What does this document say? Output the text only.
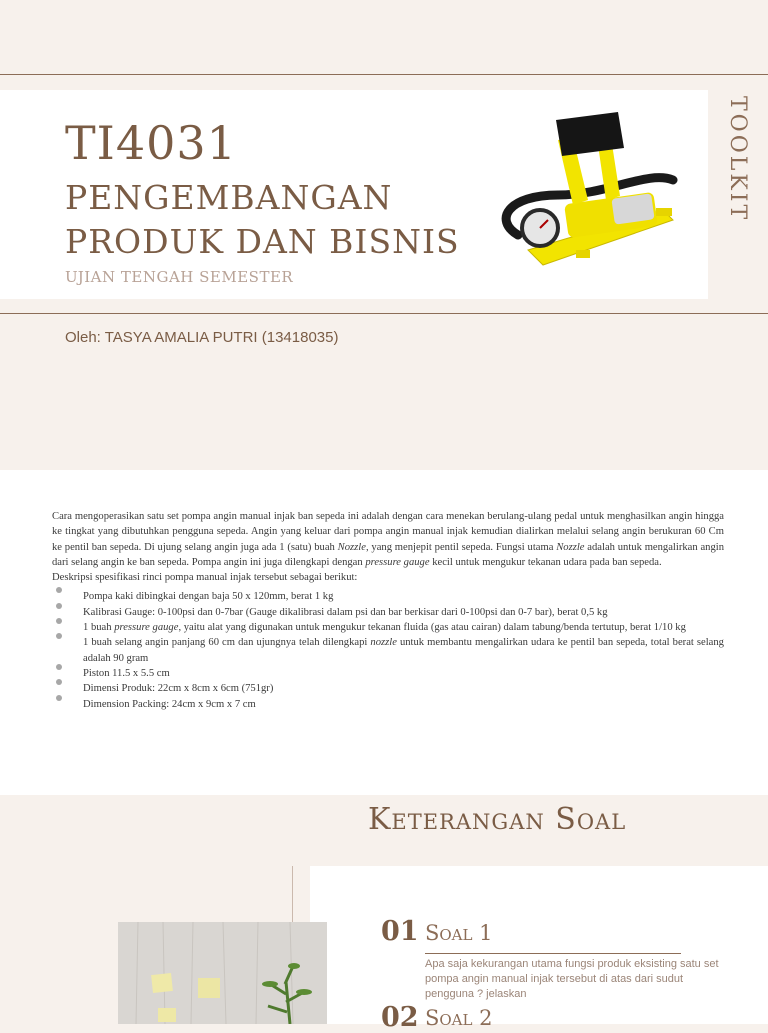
TI4031
PENGEMBANGAN PRODUK DAN BISNIS
UJIAN TENGAH SEMESTER
TOOLKIT
Oleh: TASYA AMALIA PUTRI (13418035)

Cara mengoperasikan satu set pompa angin manual injak ban sepeda ini adalah dengan cara menekan berulang-ulang pedal untuk menghasilkan angin hingga ke tingkat yang dibutuhkan pengguna sepeda. Angin yang keluar dari pompa angin manual injak kemudian dialirkan melalui selang angin berukuran 60 Cm ke pentil ban sepeda. Di ujung selang angin juga ada 1 (satu) buah Nozzle, yang menjepit pentil sepeda. Fungsi utama Nozzle adalah untuk mengalirkan angin dari selang angin ke ban sepeda. Pompa angin ini juga dilengkapi dengan pressure gauge kecil untuk mengukur tekanan udara pada ban sepeda.

Deskripsi spesifikasi rinci pompa manual injak tersebut sebagai berikut:

Pompa kaki dibingkai dengan baja 50 x 120mm, berat 1 kg
Kalibrasi Gauge: 0-100psi dan 0-7bar (Gauge dikalibrasi dalam psi dan bar berkisar dari 0-100psi dan 0-7 bar), berat 0,5 kg
1 buah pressure gauge, yaitu alat yang digunakan untuk mengukur tekanan fluida (gas atau cairan) dalam tabung/benda tertutup, berat 1/10 kg
1 buah selang angin panjang 60 cm dan ujungnya telah dilengkapi nozzle untuk membantu mengalirkan udara ke pentil ban sepeda, total berat selang adalah 90 gram
Piston 11.5 x 5.5 cm
Dimensi Produk: 22cm x 8cm x 6cm (751gr)
Dimension Packing: 24cm x 9cm x 7 cm
Keterangan Soal
01 Soal 1
Apa saja kekurangan utama fungsi produk eksisting satu set pompa angin manual injak tersebut di atas dari sudut pengguna ? jelaskan
02 Soal 2
